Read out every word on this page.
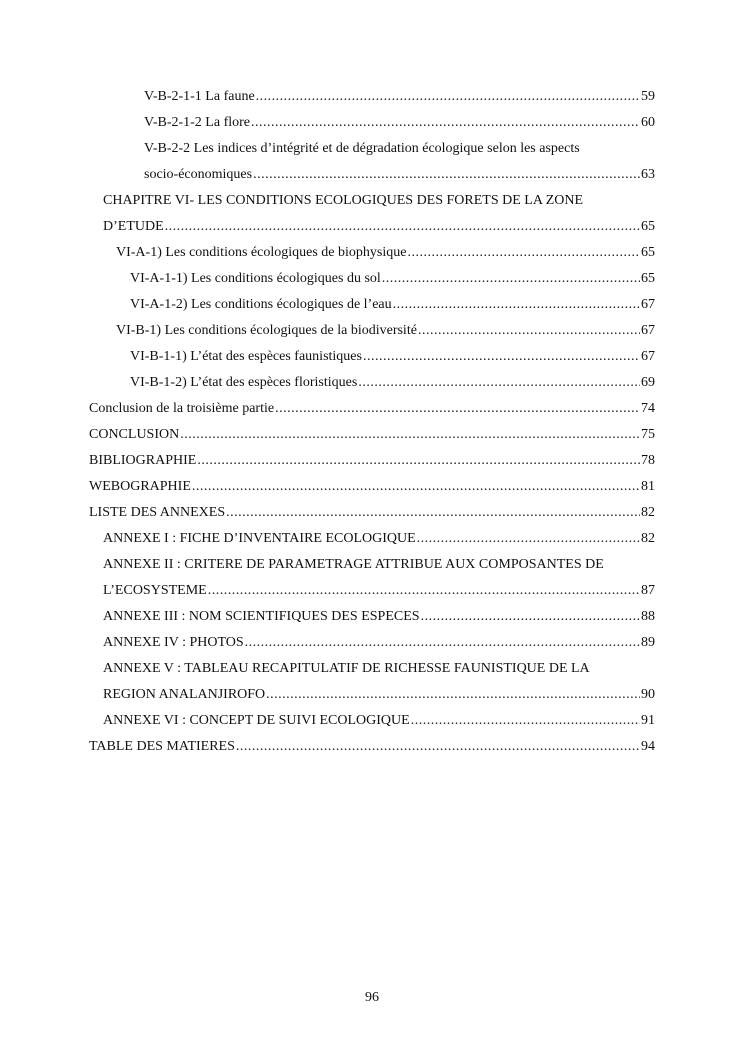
V-B-2-1-1 La faune .....	59
V-B-2-1-2 La flore .....	60
V-B-2-2 Les indices d’intégrité et de dégradation écologique selon les aspects
socio-économiques .....	63
CHAPITRE VI- LES CONDITIONS ECOLOGIQUES DES FORETS DE LA ZONE
D’ETUDE .....	65
VI-A-1) Les conditions écologiques de biophysique .....	65
VI-A-1-1) Les conditions écologiques du sol .....	65
VI-A-1-2) Les conditions écologiques de l’eau .....	67
VI-B-1) Les conditions écologiques de la biodiversité .....	67
VI-B-1-1) L’état des espèces faunistiques .....	67
VI-B-1-2) L’état des espèces floristiques .....	69
Conclusion de la troisième partie .....	74
CONCLUSION .....	75
BIBLIOGRAPHIE .....	78
WEBOGRAPHIE .....	81
LISTE DES ANNEXES .....	82
ANNEXE I : FICHE D’INVENTAIRE ECOLOGIQUE .....	82
ANNEXE II : CRITERE DE PARAMETRAGE ATTRIBUE AUX COMPOSANTES DE
L’ECOSYSTEME .....	87
ANNEXE III : NOM SCIENTIFIQUES DES ESPECES .....	88
ANNEXE IV : PHOTOS .....	89
ANNEXE V : TABLEAU RECAPITULATIF DE RICHESSE FAUNISTIQUE DE LA
REGION ANALANJIROFO .....	90
ANNEXE VI : CONCEPT DE SUIVI ECOLOGIQUE .....	91
TABLE DES MATIERES .....	94
96
